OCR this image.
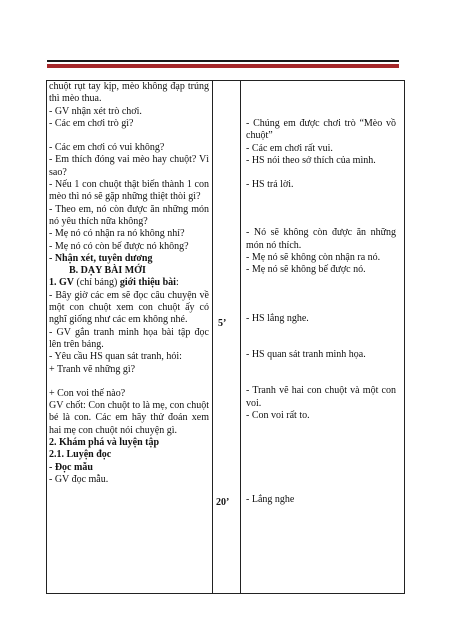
chuột rụt tay kịp, mèo không đạp trúng thì mèo thua.
- GV nhận xét trò chơi.
- Các em chơi trò gì?
- Các em chơi có vui không?
- Em thích đóng vai mèo hay chuột? Vì sao?
- Nếu 1 con chuột thật biến thành 1 con mèo thì nó sẽ gặp những thiệt thòi gì?
- Theo em, nó còn được ăn những món nó yêu thích nữa không?
- Mẹ nó có nhận ra nó không nhỉ?
- Mẹ nó có còn bế được nó không?
- Nhận xét, tuyên dương
B. DẠY BÀI MỚI
1. GV (chỉ bảng) giới thiệu bài:
- Bây giờ các em sẽ đọc câu chuyện về một con chuột xem con chuột ấy có nghĩ giống như các em không nhé.
- GV gắn tranh minh họa bài tập đọc lên trên bảng.
- Yêu cầu HS quan sát tranh, hỏi:
+ Tranh vẽ những gì?
+ Con voi thế nào?
GV chốt: Con chuột to là mẹ, con chuột bé là con. Các em hãy thử đoán xem hai mẹ con chuột nói chuyện gì.
2. Khám phá và luyện tập
2.1. Luyện đọc
- Đọc mẫu
- GV đọc mẫu.
5’
20’
- Chúng em được chơi trò “Mèo vồ chuột”
- Các em chơi rất vui.
- HS nói theo sở thích của mình.
- HS trả lời.
- Nó sẽ không còn được ăn những món nó thích.
- Mẹ nó sẽ không còn nhận ra nó.
- Mẹ nó sẽ không bế được nó.
- HS lắng nghe.
- HS quan sát tranh minh họa.
- Tranh vẽ hai con chuột và một con voi.
- Con voi rất to.
- Lắng nghe
